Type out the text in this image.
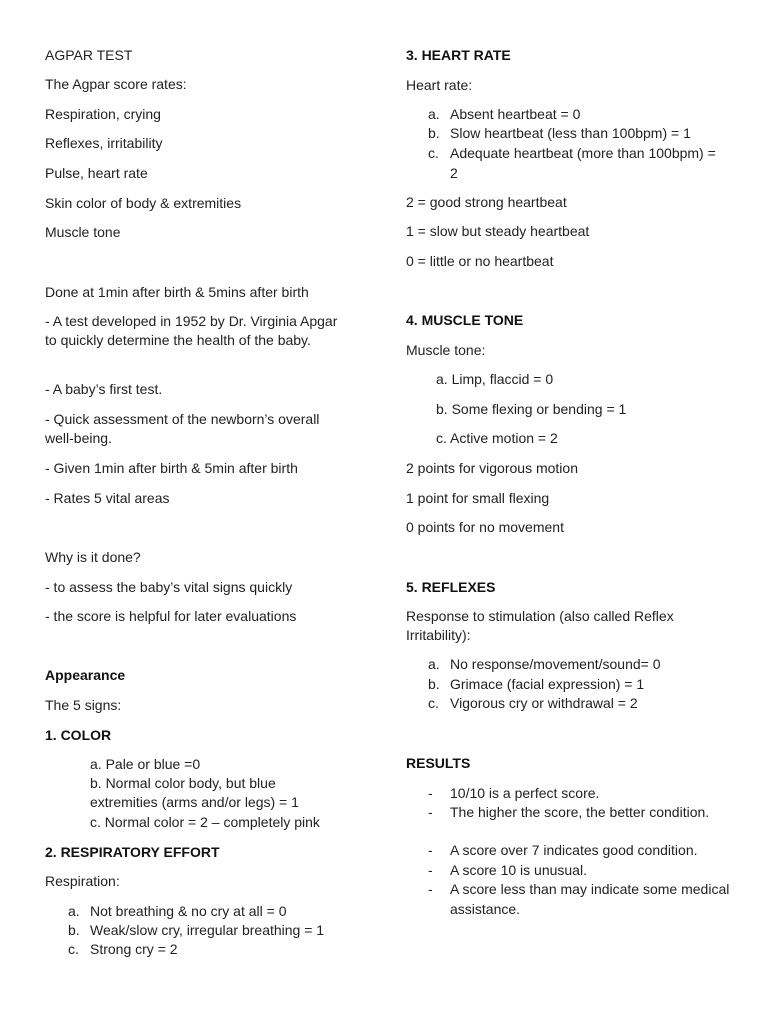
AGPAR TEST
The Agpar score rates:
Respiration, crying
Reflexes, irritability
Pulse, heart rate
Skin color of body & extremities
Muscle tone
Done at 1min after birth & 5mins after birth
- A test developed in 1952 by Dr. Virginia Apgar to quickly determine the health of the baby.
- A baby’s first test.
- Quick assessment of the newborn’s overall well-being.
- Given 1min after birth & 5min after birth
- Rates 5 vital areas
Why is it done?
- to assess the baby’s vital signs quickly
- the score is helpful for later evaluations
Appearance
The 5 signs:
1. COLOR
a. Pale or blue =0
b. Normal color body, but blue extremities (arms and/or legs) = 1
c. Normal color = 2 – completely pink
2. RESPIRATORY EFFORT
Respiration:
a. Not breathing & no cry at all = 0
b. Weak/slow cry, irregular breathing = 1
c. Strong cry = 2
3. HEART RATE
Heart rate:
a. Absent heartbeat = 0
b. Slow heartbeat (less than 100bpm) = 1
c. Adequate heartbeat (more than 100bpm) = 2
2 = good strong heartbeat
1 = slow but steady heartbeat
0 = little or no heartbeat
4. MUSCLE TONE
Muscle tone:
a. Limp, flaccid = 0
b. Some flexing or bending = 1
c. Active motion = 2
2 points for vigorous motion
1 point for small flexing
0 points for no movement
5. REFLEXES
Response to stimulation (also called Reflex Irritability):
a. No response/movement/sound= 0
b. Grimace (facial expression) = 1
c. Vigorous cry or withdrawal = 2
RESULTS
- 10/10 is a perfect score.
- The higher the score, the better condition.
- A score over 7 indicates good condition.
- A score 10 is unusual.
- A score less than may indicate some medical assistance.
